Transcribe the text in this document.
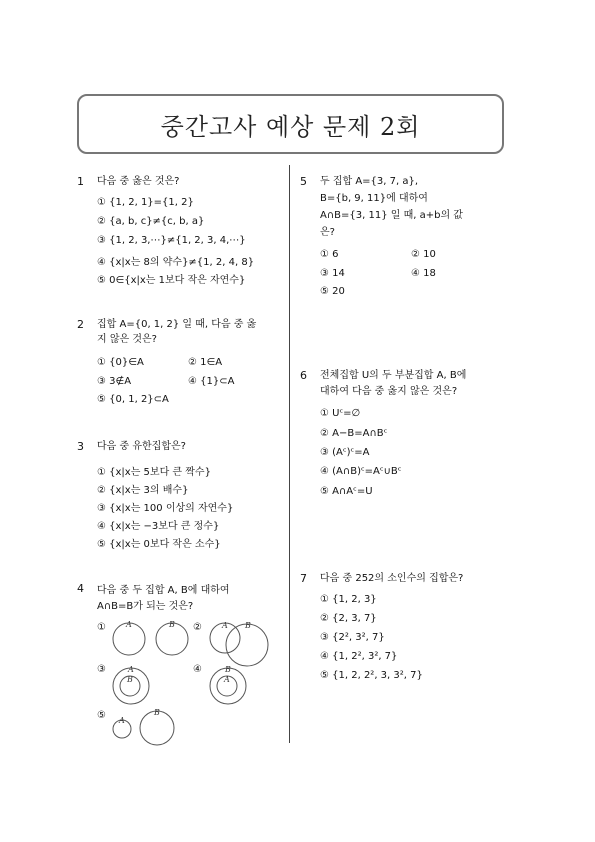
중간고사 예상 문제 2회
1 다음 중 옳은 것은?
① {1, 2, 1}={1, 2}
② {a, b, c}≠{c, b, a}
③ {1, 2, 3,⋯}≠{1, 2, 3, 4,⋯}
④ {x|x는 8의 약수}≠{1, 2, 4, 8}
⑤ 0∈{x|x는 1보다 작은 자연수}
2 집합 A={0, 1, 2} 일 때, 다음 중 옳
지 않은 것은?
① {0}∈A	② 1∈A
③ 3∉A	④ {1}⊂A
⑤ {0, 1, 2}⊂A
3 다음 중 유한집합은?
① {x|x는 5보다 큰 짝수}
② {x|x는 3의 배수}
③ {x|x는 100 이상의 자연수}
④ {x|x는 −3보다 큰 정수}
⑤ {x|x는 0보다 작은 소수}
4 다음 중 두 집합 A, B에 대하여
A∩B=B가 되는 것은?
①	②
③	④
⑤
A	B	A B
A
B
B
A
A
B
5 두 집합 A={3, 7, a},
B={b, 9, 11}에 대하여
A∩B={3, 11} 일 때, a+b의 값
은?
① 6	② 10
③ 14	④ 18
⑤ 20
6 전체집합 U의 두 부분집합 A, B에
대하여 다음 중 옳지 않은 것은?
① Uᶜ=∅
② A−B=A∩Bᶜ
③ (Aᶜ)ᶜ=A
④ (A∩B)ᶜ=Aᶜ∪Bᶜ
⑤ A∩Aᶜ=U
7 다음 중 252의 소인수의 집합은?
① {1, 2, 3}
② {2, 3, 7}
③ {2², 3², 7}
④ {1, 2², 3², 7}
⑤ {1, 2, 2², 3, 3², 7}
